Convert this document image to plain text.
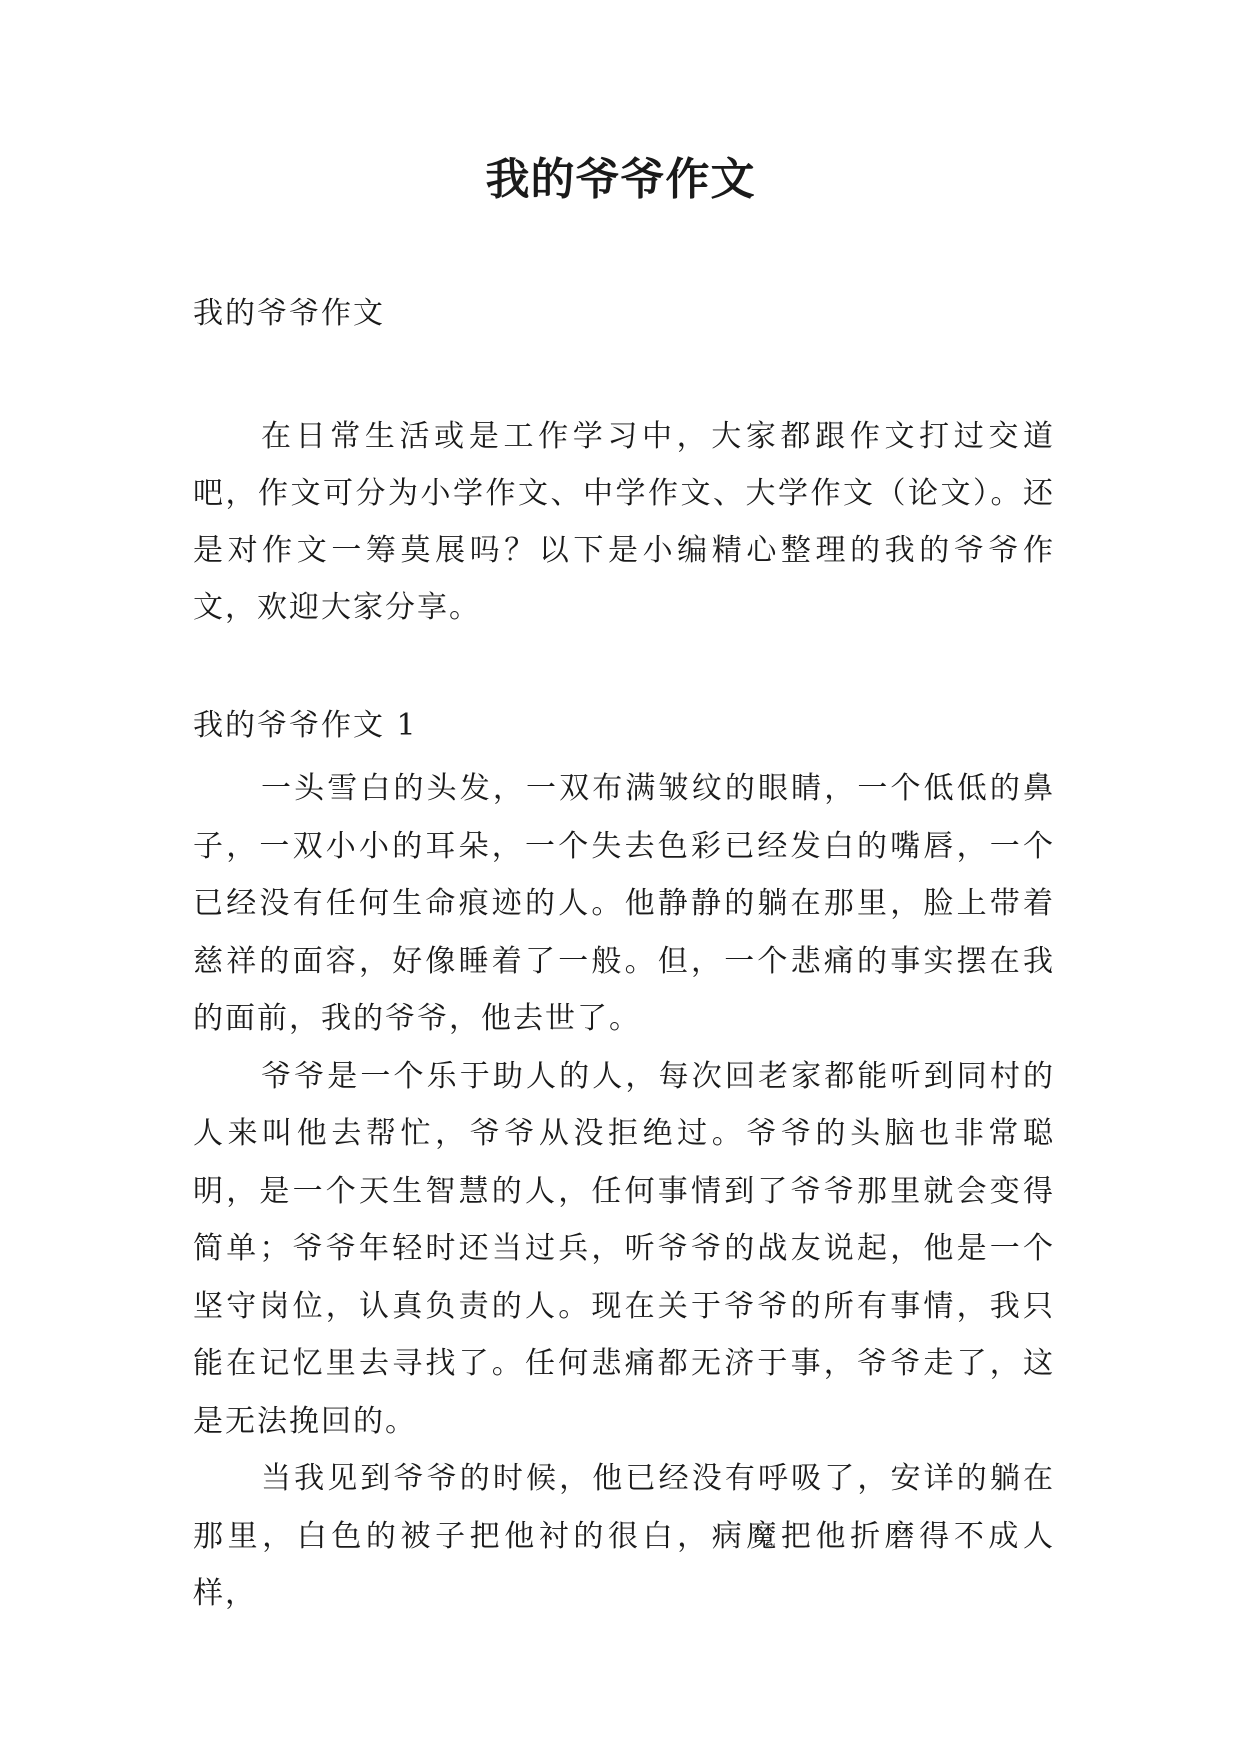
我的爷爷作文
我的爷爷作文

在日常生活或是工作学习中，大家都跟作文打过交道吧，作文可分为小学作文、中学作文、大学作文（论文）。还是对作文一筹莫展吗？以下是小编精心整理的我的爷爷作文，欢迎大家分享。

我的爷爷作文 1

一头雪白的头发，一双布满皱纹的眼睛，一个低低的鼻子，一双小小的耳朵，一个失去色彩已经发白的嘴唇，一个已经没有任何生命痕迹的人。他静静的躺在那里，脸上带着慈祥的面容，好像睡着了一般。但，一个悲痛的事实摆在我的面前，我的爷爷，他去世了。

爷爷是一个乐于助人的人，每次回老家都能听到同村的人来叫他去帮忙，爷爷从没拒绝过。爷爷的头脑也非常聪明，是一个天生智慧的人，任何事情到了爷爷那里就会变得简单；爷爷年轻时还当过兵，听爷爷的战友说起，他是一个坚守岗位，认真负责的人。现在关于爷爷的所有事情，我只能在记忆里去寻找了。任何悲痛都无济于事，爷爷走了，这是无法挽回的。

当我见到爷爷的时候，他已经没有呼吸了，安详的躺在那里，白色的被子把他衬的很白，病魔把他折磨得不成人样，
